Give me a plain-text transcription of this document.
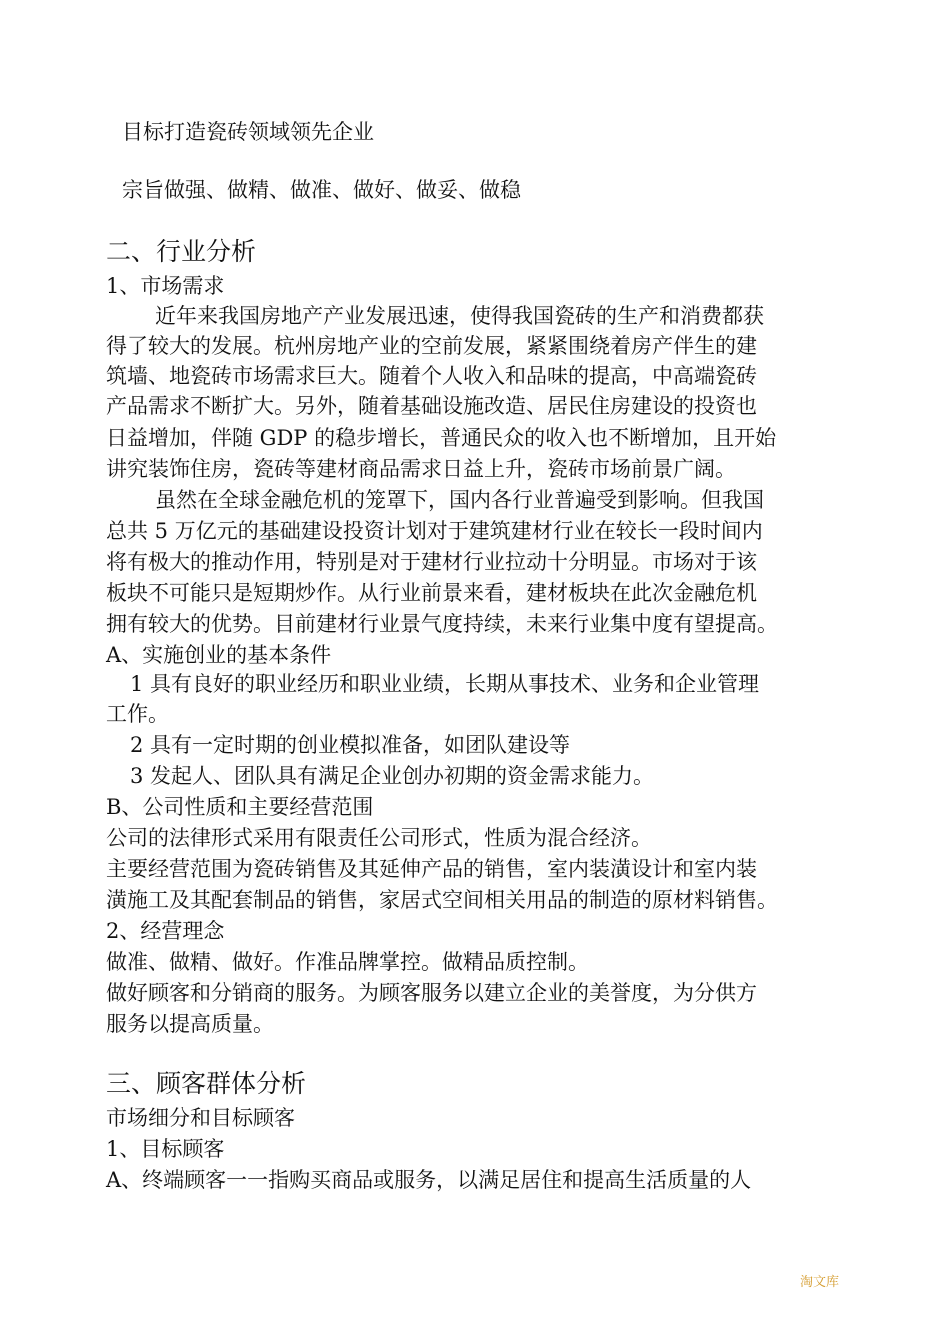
目标打造瓷砖领域领先企业
宗旨做强、做精、做准、做好、做妥、做稳
二、行业分析
1、市场需求
近年来我国房地产产业发展迅速，使得我国瓷砖的生产和消费都获
得了较大的发展。杭州房地产业的空前发展，紧紧围绕着房产伴生的建
筑墙、地瓷砖市场需求巨大。随着个人收入和品味的提高，中高端瓷砖
产品需求不断扩大。另外，随着基础设施改造、居民住房建设的投资也
日益增加，伴随 GDP 的稳步增长，普通民众的收入也不断增加，且开始
讲究装饰住房，瓷砖等建材商品需求日益上升，瓷砖市场前景广阔。
虽然在全球金融危机的笼罩下，国内各行业普遍受到影响。但我国
总共 5 万亿元的基础建设投资计划对于建筑建材行业在较长一段时间内
将有极大的推动作用，特别是对于建材行业拉动十分明显。市场对于该
板块不可能只是短期炒作。从行业前景来看，建材板块在此次金融危机
拥有较大的优势。目前建材行业景气度持续，未来行业集中度有望提高。
A、实施创业的基本条件
1 具有良好的职业经历和职业业绩，长期从事技术、业务和企业管理
工作。
2 具有一定时期的创业模拟准备，如团队建设等
3 发起人、团队具有满足企业创办初期的资金需求能力。
B、公司性质和主要经营范围
公司的法律形式采用有限责任公司形式，性质为混合经济。
主要经营范围为瓷砖销售及其延伸产品的销售，室内装潢设计和室内装
潢施工及其配套制品的销售，家居式空间相关用品的制造的原材料销售。
2、经营理念
做准、做精、做好。作准品牌掌控。做精品质控制。
做好顾客和分销商的服务。为顾客服务以建立企业的美誉度，为分供方
服务以提高质量。
三、顾客群体分析
市场细分和目标顾客
1、目标顾客
A、终端顾客一一指购买商品或服务，以满足居住和提高生活质量的人
淘文库
